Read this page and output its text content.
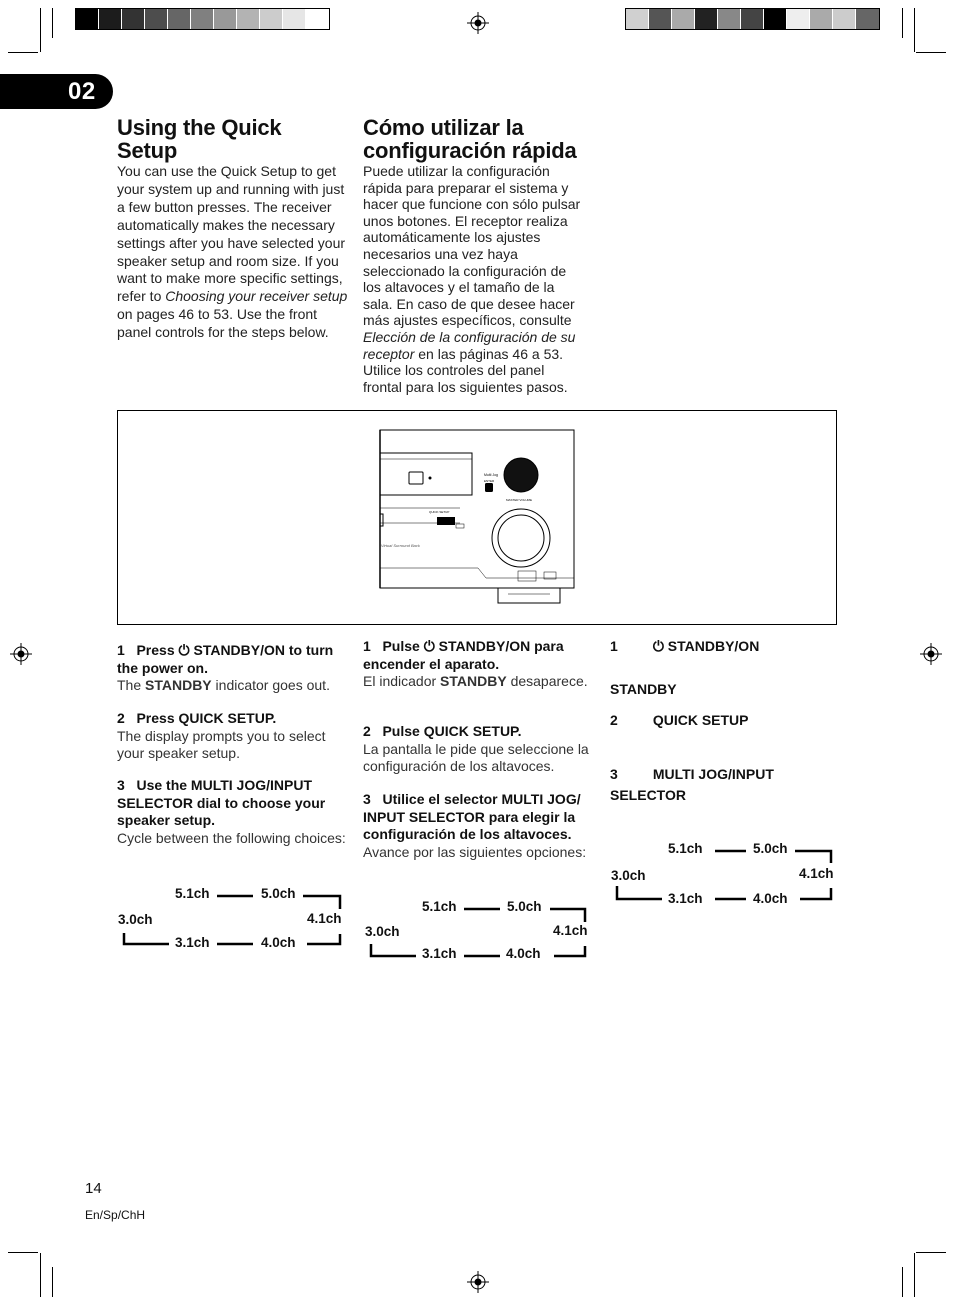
02
Using the Quick
Setup

You can use the Quick Setup to get your system up and running with just a few button presses. The receiver automatically makes the necessary settings after you have selected your speaker setup and room size. If you want to make more specific settings, refer to Choosing your receiver setup on pages 46 to 53. Use the front panel controls for the steps below.

Cómo utilizar la
configuración rápida

Puede utilizar la configuración rápida para preparar el sistema y hacer que funcione con sólo pulsar unos botones. El receptor realiza automáticamente los ajustes necesarios una vez haya seleccionado la configuración de los altavoces y el tamaño de la sala. En caso de que desee hacer más ajustes específicos, consulte Elección de la configuración de su receptor en las páginas 46 a 53. Utilice los controles del panel frontal para los siguientes pasos.

Multi Jog
ENTER
QUICK SETUP
MASTER VOLUME
Virtual Surround Back
1 Press ⏻ STANDBY/ON to turn the power on.
The STANDBY indicator goes out.
2 Press QUICK SETUP.
The display prompts you to select your speaker setup.
3 Use the MULTI JOG/INPUT SELECTOR dial to choose your speaker setup.
Cycle between the following choices:
1 Pulse ⏻ STANDBY/ON para encender el aparato.
El indicador STANDBY desaparece.
2 Pulse QUICK SETUP.
La pantalla le pide que seleccione la configuración de los altavoces.
3 Utilice el selector MULTI JOG/ INPUT SELECTOR para elegir la configuración de los altavoces.
Avance por las siguientes opciones:
1	⏻ STANDBY/ON
STANDBY
2	QUICK SETUP
3	MULTI JOG/INPUT
SELECTOR
5.1ch	5.0ch
4.1ch
4.0ch
3.1ch
3.0ch
5.1ch	5.0ch
4.1ch
4.0ch
3.1ch
3.0ch
5.1ch	5.0ch
4.1ch
4.0ch
3.1ch
3.0ch
14
En/Sp/ChH
